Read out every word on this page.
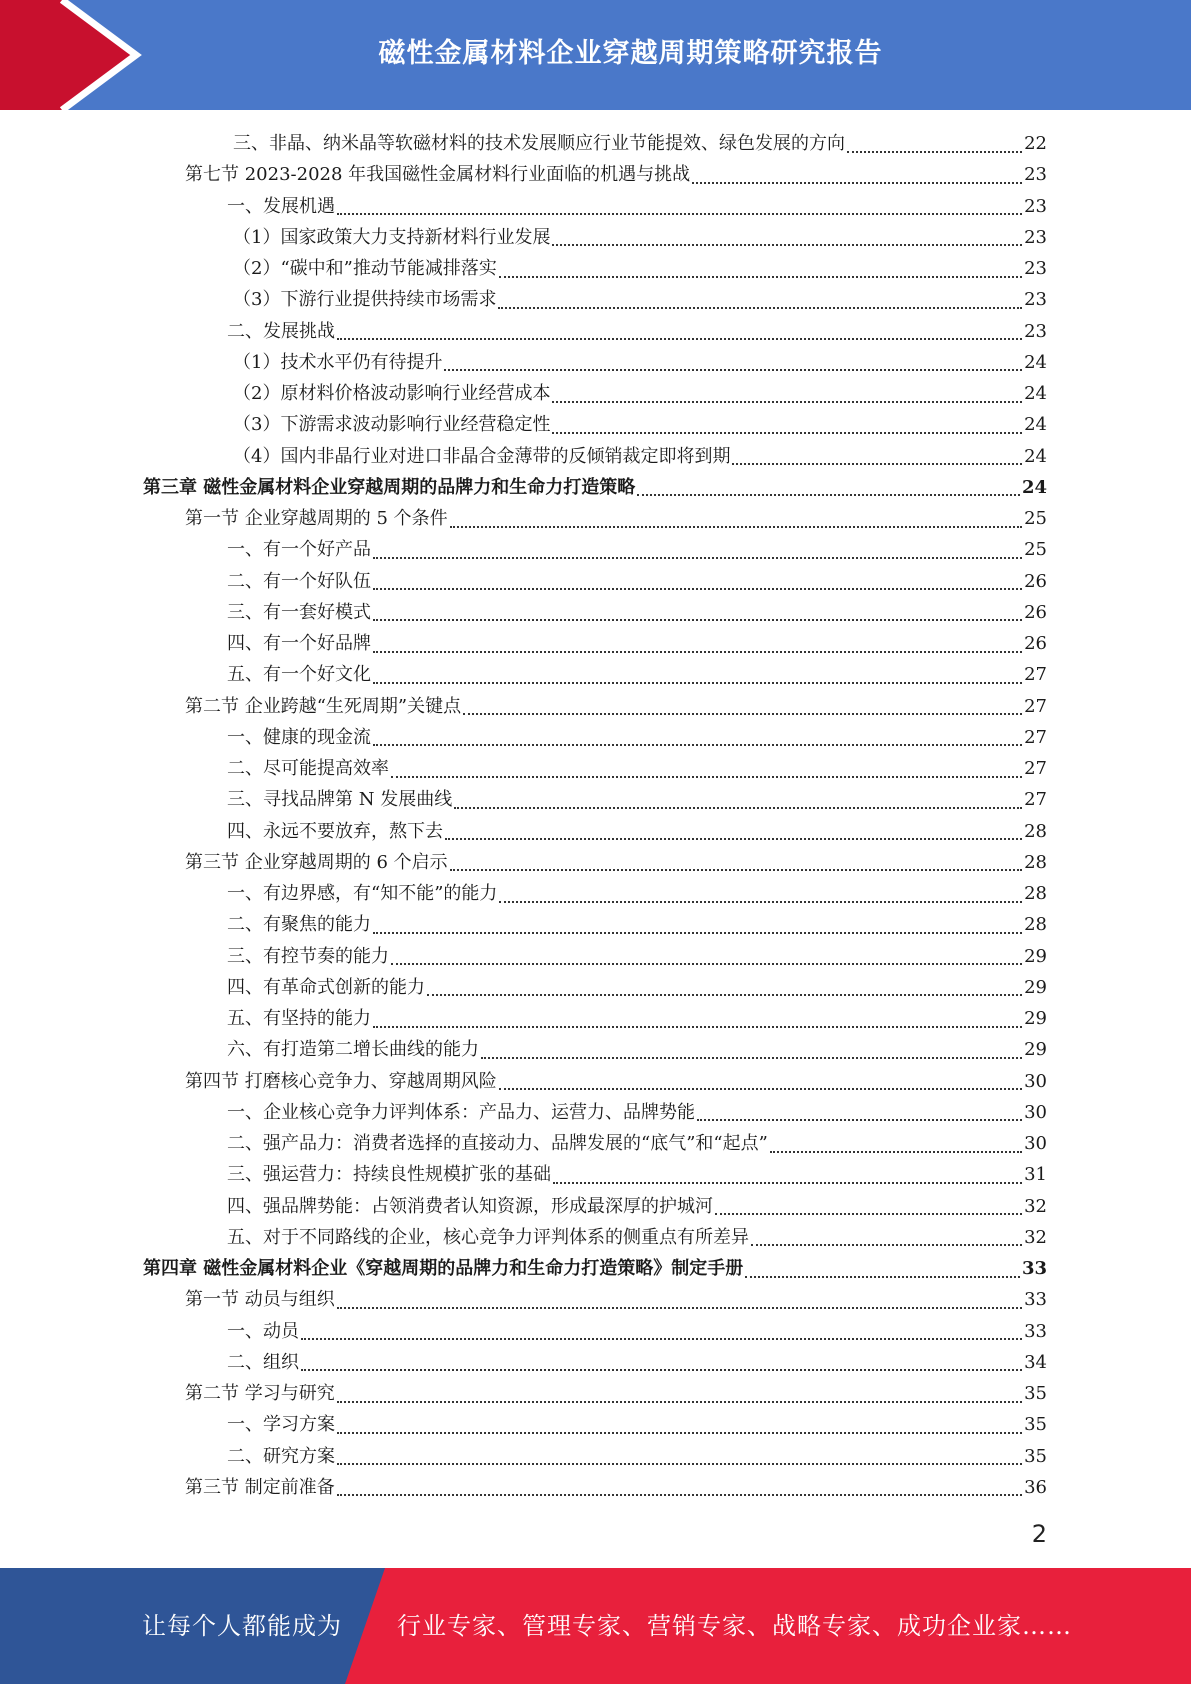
磁性金属材料企业穿越周期策略研究报告
三、非晶、纳米晶等软磁材料的技术发展顺应行业节能提效、绿色发展的方向	22
第七节 2023-2028 年我国磁性金属材料行业面临的机遇与挑战	23
一、发展机遇	23
（1）国家政策大力支持新材料行业发展	23
（2）“碳中和”推动节能减排落实	23
（3）下游行业提供持续市场需求	23
二、发展挑战	23
（1）技术水平仍有待提升	24
（2）原材料价格波动影响行业经营成本	24
（3）下游需求波动影响行业经营稳定性	24
（4）国内非晶行业对进口非晶合金薄带的反倾销裁定即将到期	24
第三章 磁性金属材料企业穿越周期的品牌力和生命力打造策略	24
第一节 企业穿越周期的 5 个条件	25
一、有一个好产品	25
二、有一个好队伍	26
三、有一套好模式	26
四、有一个好品牌	26
五、有一个好文化	27
第二节 企业跨越“生死周期”关键点	27
一、健康的现金流	27
二、尽可能提高效率	27
三、寻找品牌第 N 发展曲线	27
四、永远不要放弃，熬下去	28
第三节 企业穿越周期的 6 个启示	28
一、有边界感，有“知不能”的能力	28
二、有聚焦的能力	28
三、有控节奏的能力	29
四、有革命式创新的能力	29
五、有坚持的能力	29
六、有打造第二增长曲线的能力	29
第四节 打磨核心竞争力、穿越周期风险	30
一、企业核心竞争力评判体系：产品力、运营力、品牌势能	30
二、强产品力：消费者选择的直接动力、品牌发展的“底气”和“起点”	30
三、强运营力：持续良性规模扩张的基础	31
四、强品牌势能：占领消费者认知资源，形成最深厚的护城河	32
五、对于不同路线的企业，核心竞争力评判体系的侧重点有所差异	32
第四章 磁性金属材料企业《穿越周期的品牌力和生命力打造策略》制定手册	33
第一节 动员与组织	33
一、动员	33
二、组织	34
第二节 学习与研究	35
一、学习方案	35
二、研究方案	35
第三节 制定前准备	36
2
让每个人都能成为 行业专家、管理专家、营销专家、战略专家、成功企业家……
